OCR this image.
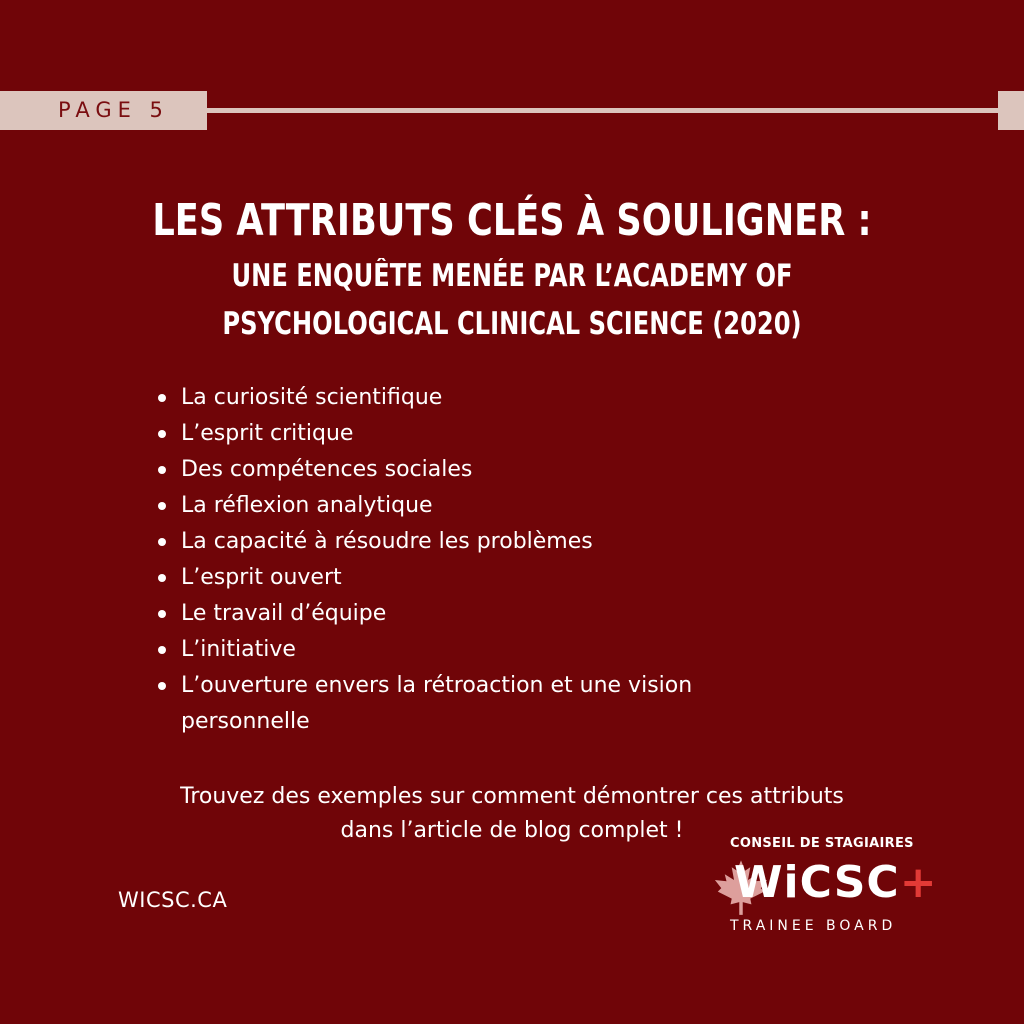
PAGE 5
LES ATTRIBUTS CLÉS À SOULIGNER :
UNE ENQUÊTE MENÉE PAR L’ACADEMY OF PSYCHOLOGICAL CLINICAL SCIENCE (2020)
La curiosité scientifique
L’esprit critique
Des compétences sociales
La réflexion analytique
La capacité à résoudre les problèmes
L’esprit ouvert
Le travail d’équipe
L’initiative
L’ouverture envers la rétroaction et une vision personnelle

Trouvez des exemples sur comment démontrer ces attributs
dans l’article de blog complet !

WICSC.CA
CONSEIL DE STAGIAIRES
WiCSC+
TRAINEE BOARD
